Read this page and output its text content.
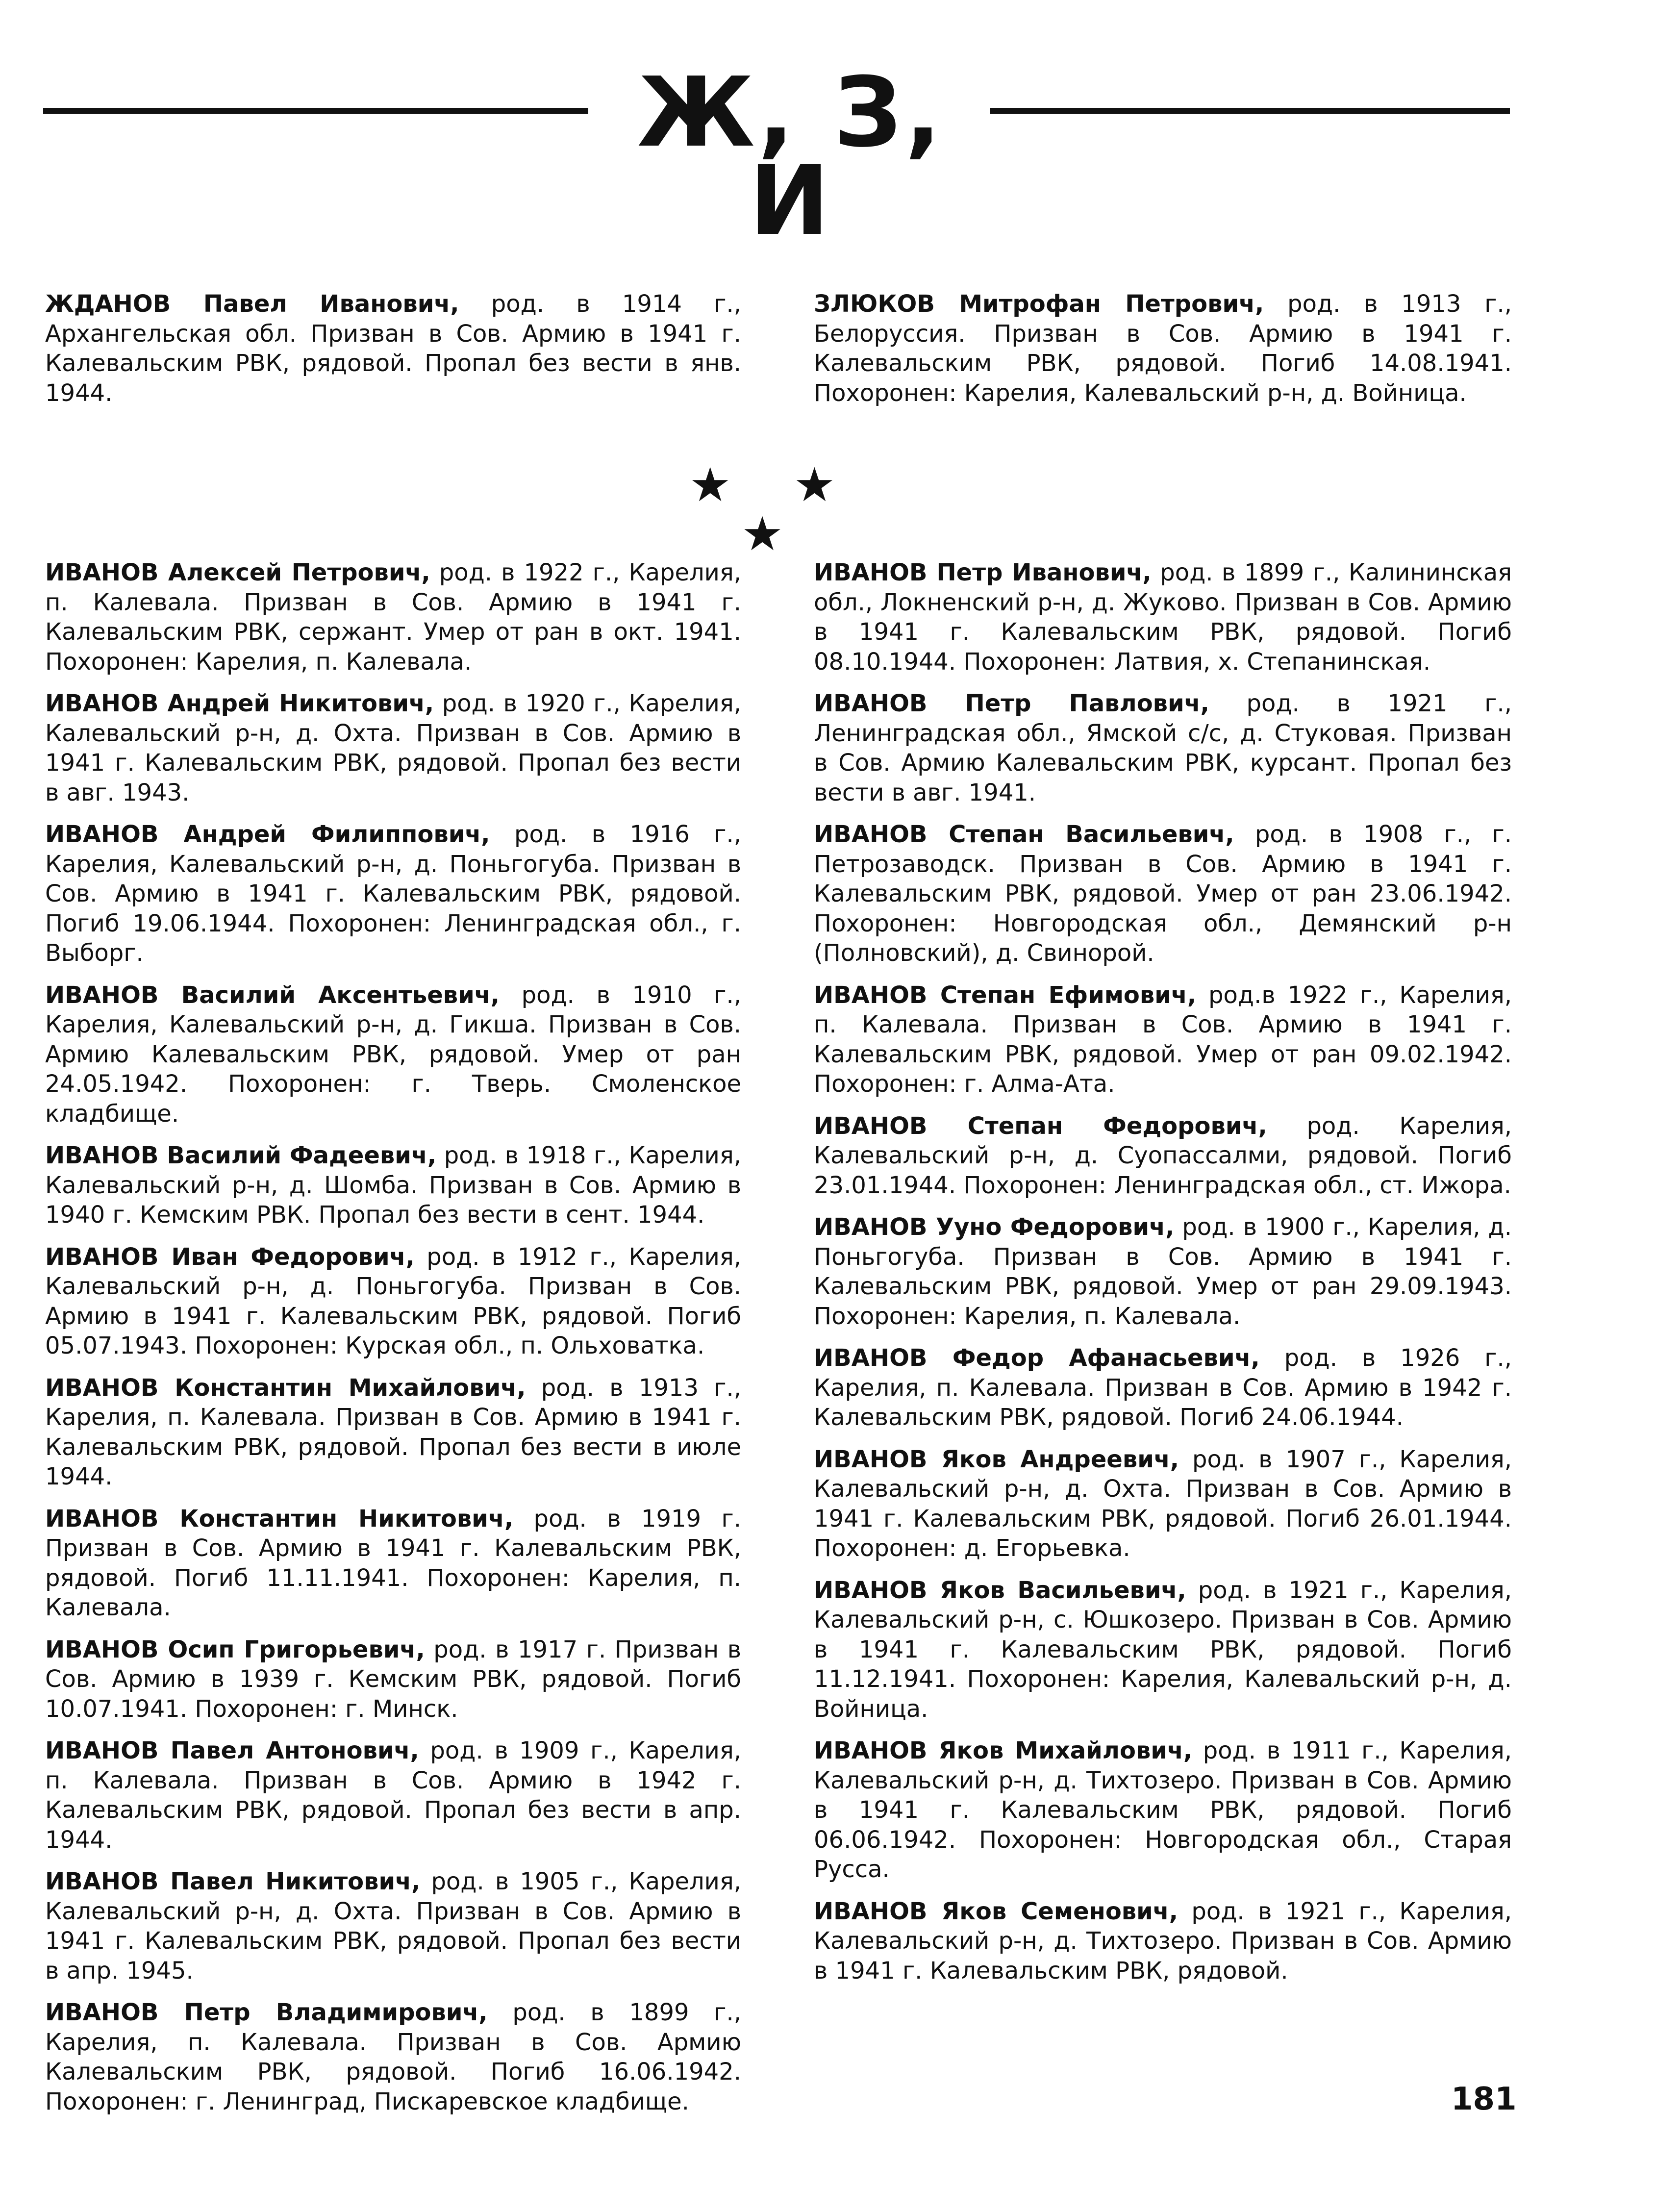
Ж, З, И

ЖДАНОВ Павел Иванович, род. в 1914 г., Архангельская обл. Призван в Сов. Армию в 1941 г. Калевальским РВК, рядовой. Пропал без вести в янв. 1944.

ЗЛЮКОВ Митрофан Петрович, род. в 1913 г., Белоруссия. Призван в Сов. Армию в 1941 г. Калевальским РВК, рядовой. Погиб 14.08.1941. Похоронен: Карелия, Калевальский р-н, д. Войница.

★ ★ ★

ИВАНОВ Алексей Петрович, род. в 1922 г., Карелия, п. Калевала. Призван в Сов. Армию в 1941 г. Калевальским РВК, сержант. Умер от ран в окт. 1941. Похоронен: Карелия, п. Калевала.

ИВАНОВ Андрей Никитович, род. в 1920 г., Карелия, Калевальский р-н, д. Охта. Призван в Сов. Армию в 1941 г. Калевальским РВК, рядовой. Пропал без вести в авг. 1943.

ИВАНОВ Андрей Филиппович, род. в 1916 г., Карелия, Калевальский р-н, д. Поньгогуба. Призван в Сов. Армию в 1941 г. Калевальским РВК, рядовой. Погиб 19.06.1944. Похоронен: Ленинградская обл., г. Выборг.

ИВАНОВ Василий Аксентьевич, род. в 1910 г., Карелия, Калевальский р-н, д. Гикша. Призван в Сов. Армию Калевальским РВК, рядовой. Умер от ран 24.05.1942. Похоронен: г. Тверь. Смоленское кладбище.

ИВАНОВ Василий Фадеевич, род. в 1918 г., Карелия, Калевальский р-н, д. Шомба. Призван в Сов. Армию в 1940 г. Кемским РВК. Пропал без вести в сент. 1944.

ИВАНОВ Иван Федорович, род. в 1912 г., Карелия, Калевальский р-н, д. Поньгогуба. Призван в Сов. Армию в 1941 г. Калевальским РВК, рядовой. Погиб 05.07.1943. Похоронен: Курская обл., п. Ольховатка.

ИВАНОВ Константин Михайлович, род. в 1913 г., Карелия, п. Калевала. Призван в Сов. Армию в 1941 г. Калевальским РВК, рядовой. Пропал без вести в июле 1944.

ИВАНОВ Константин Никитович, род. в 1919 г. Призван в Сов. Армию в 1941 г. Калевальским РВК, рядовой. Погиб 11.11.1941. Похоронен: Карелия, п. Калевала.

ИВАНОВ Осип Григорьевич, род. в 1917 г. Призван в Сов. Армию в 1939 г. Кемским РВК, рядовой. Погиб 10.07.1941. Похоронен: г. Минск.

ИВАНОВ Павел Антонович, род. в 1909 г., Карелия, п. Калевала. Призван в Сов. Армию в 1942 г. Калевальским РВК, рядовой. Пропал без вести в апр. 1944.

ИВАНОВ Павел Никитович, род. в 1905 г., Карелия, Калевальский р-н, д. Охта. Призван в Сов. Армию в 1941 г. Калевальским РВК, рядовой. Пропал без вести в апр. 1945.

ИВАНОВ Петр Владимирович, род. в 1899 г., Карелия, п. Калевала. Призван в Сов. Армию Калевальским РВК, рядовой. Погиб 16.06.1942. Похоронен: г. Ленинград, Пискаревское кладбище.

ИВАНОВ Петр Иванович, род. в 1899 г., Калининская обл., Локненский р-н, д. Жуково. Призван в Сов. Армию в 1941 г. Калевальским РВК, рядовой. Погиб 08.10.1944. Похоронен: Латвия, х. Степанинская.

ИВАНОВ Петр Павлович, род. в 1921 г., Ленинградская обл., Ямской с/с, д. Стуковая. Призван в Сов. Армию Калевальским РВК, курсант. Пропал без вести в авг. 1941.

ИВАНОВ Степан Васильевич, род. в 1908 г., г. Петрозаводск. Призван в Сов. Армию в 1941 г. Калевальским РВК, рядовой. Умер от ран 23.06.1942. Похоронен: Новгородская обл., Демянский р-н (Полновский), д. Свинорой.

ИВАНОВ Степан Ефимович, род.в 1922 г., Карелия, п. Калевала. Призван в Сов. Армию в 1941 г. Калевальским РВК, рядовой. Умер от ран 09.02.1942. Похоронен: г. Алма-Ата.

ИВАНОВ Степан Федорович, род. Карелия, Калевальский р-н, д. Суопассалми, рядовой. Погиб 23.01.1944. Похоронен: Ленинградская обл., ст. Ижора.

ИВАНОВ Ууно Федорович, род. в 1900 г., Карелия, д. Поньгогуба. Призван в Сов. Армию в 1941 г. Калевальским РВК, рядовой. Умер от ран 29.09.1943. Похоронен: Карелия, п. Калевала.

ИВАНОВ Федор Афанасьевич, род. в 1926 г., Карелия, п. Калевала. Призван в Сов. Армию в 1942 г. Калевальским РВК, рядовой. Погиб 24.06.1944.

ИВАНОВ Яков Андреевич, род. в 1907 г., Карелия, Калевальский р-н, д. Охта. Призван в Сов. Армию в 1941 г. Калевальским РВК, рядовой. Погиб 26.01.1944. Похоронен: д. Егорьевка.

ИВАНОВ Яков Васильевич, род. в 1921 г., Карелия, Калевальский р-н, с. Юшкозеро. Призван в Сов. Армию в 1941 г. Калевальским РВК, рядовой. Погиб 11.12.1941. Похоронен: Карелия, Калевальский р-н, д. Войница.

ИВАНОВ Яков Михайлович, род. в 1911 г., Карелия, Калевальский р-н, д. Тихтозеро. Призван в Сов. Армию в 1941 г. Калевальским РВК, рядовой. Погиб 06.06.1942. Похоронен: Новгородская обл., Старая Русса.

ИВАНОВ Яков Семенович, род. в 1921 г., Карелия, Калевальский р-н, д. Тихтозеро. Призван в Сов. Армию в 1941 г. Калевальским РВК, рядовой.

181
